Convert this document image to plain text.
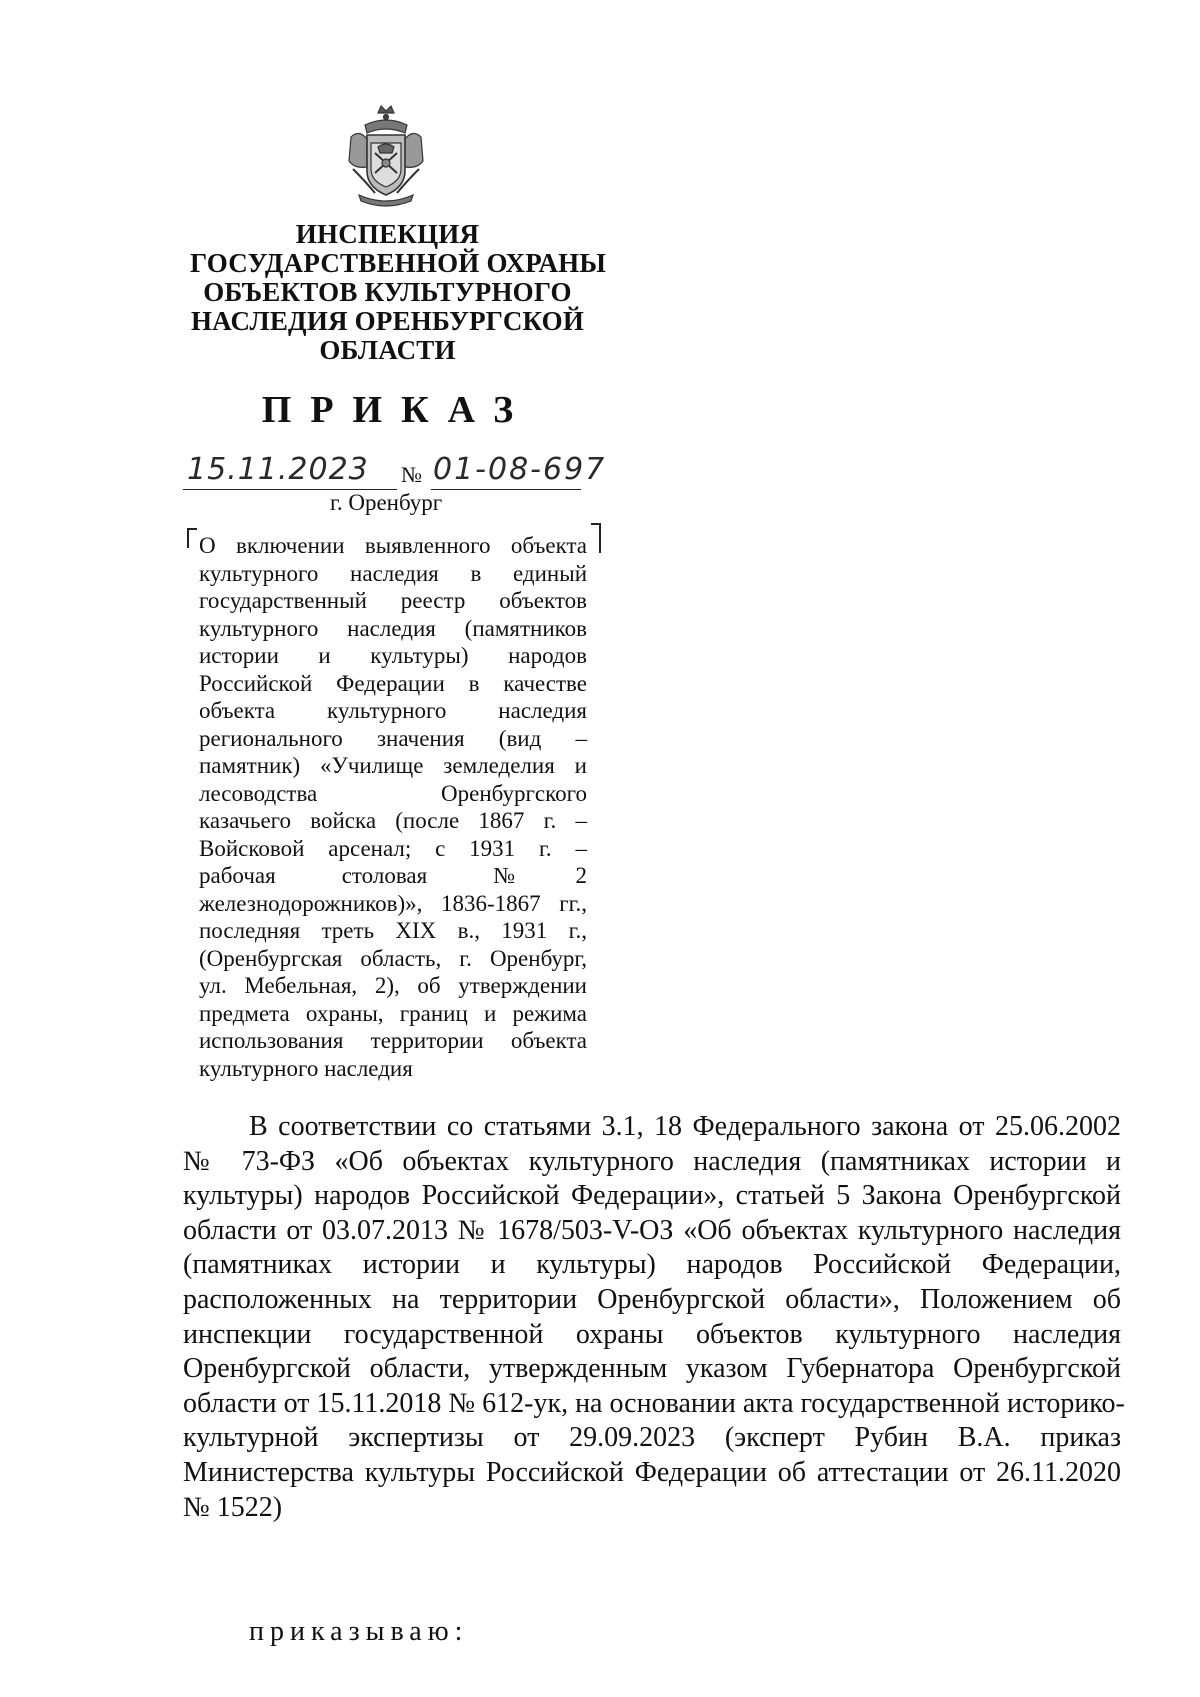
ИНСПЕКЦИЯ
ГОСУДАРСТВЕННОЙ ОХРАНЫ
ОБЪЕКТОВ КУЛЬТУРНОГО
НАСЛЕДИЯ ОРЕНБУРГСКОЙ
ОБЛАСТИ
ПРИКАЗ
15.11.2023	№ 01-08-697
г. Оренбург
О включении выявленного объекта
культурного наследия в единый
государственный реестр объектов
культурного наследия (памятников
истории и культуры) народов
Российской Федерации в качестве
объекта культурного наследия
регионального значения (вид –
памятник) «Училище земледелия и
лесоводства Оренбургского
казачьего войска (после 1867 г. –
Войсковой арсенал; с 1931 г. –
рабочая столовая №2
железнодорожников)», 1836-1867 гг.,
последняя треть XIX в., 1931 г.,
(Оренбургская область, г. Оренбург,
ул. Мебельная, 2), об утверждении
предмета охраны, границ и режима
использования территории объекта
культурного наследия
В соответствии со статьями 3.1, 18 Федерального закона от 25.06.2002
№ 73-ФЗ «Об объектах культурного наследия (памятниках истории и
культуры) народов Российской Федерации», статьей 5 Закона Оренбургской
области от 03.07.2013 № 1678/503-V-ОЗ «Об объектах культурного наследия
(памятниках истории и культуры) народов Российской Федерации,
расположенных на территории Оренбургской области», Положением об
инспекции государственной охраны объектов культурного наследия
Оренбургской области, утвержденным указом Губернатора Оренбургской
области от 15.11.2018 № 612-ук, на основании акта государственной историко-
культурной экспертизы от 29.09.2023 (эксперт Рубин В.А. приказ
Министерства культуры Российской Федерации об аттестации от 26.11.2020
№ 1522)
приказываю:
